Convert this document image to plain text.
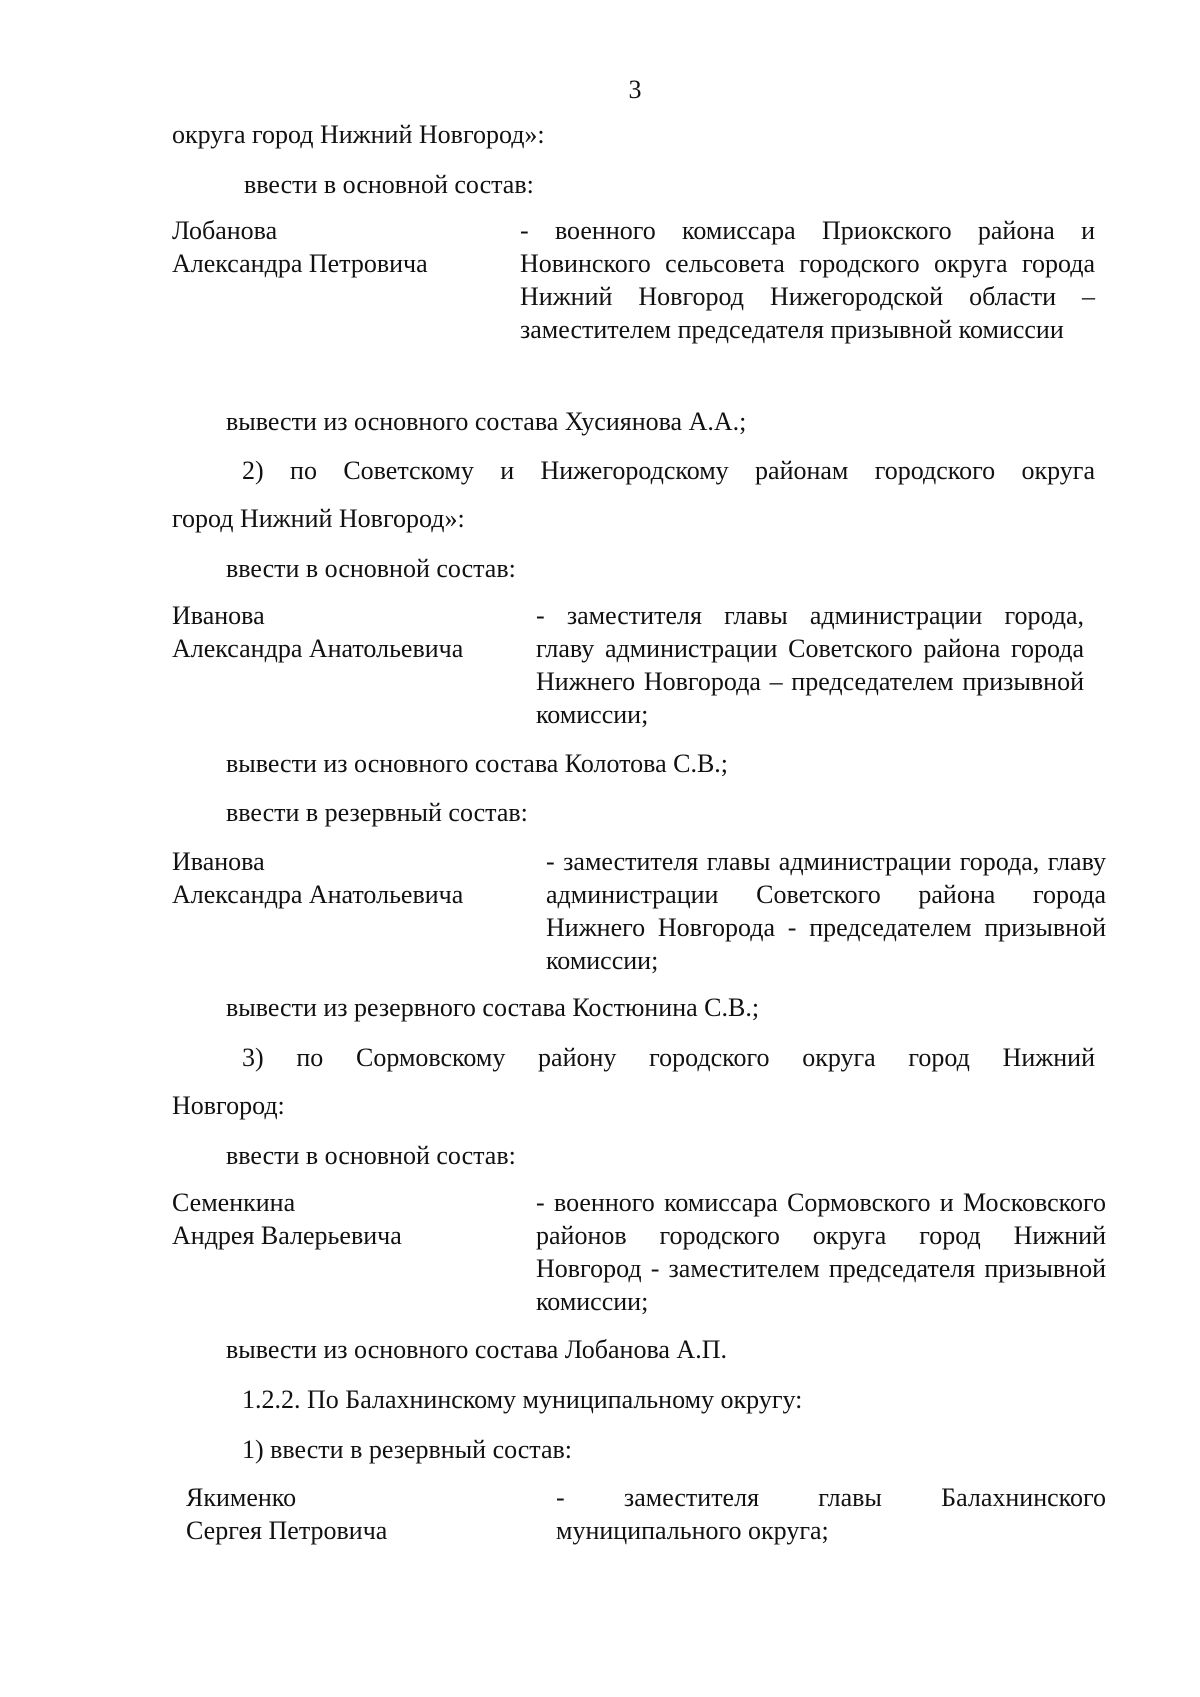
3
округа город Нижний Новгород»:
ввести в основной состав:
Лобанова
Александра Петровича
- военного комиссара Приокского района и Новинского сельсовета городского округа города Нижний Новгород Нижегородской области – заместителем председателя призывной комиссии
вывести из основного состава Хусиянова А.А.;
2) по Советскому и Нижегородскому районам городского округа
город Нижний Новгород»:
ввести в основной состав:
Иванова
Александра Анатольевича
- заместителя главы администрации города, главу администрации Советского района города Нижнего Новгорода – председателем призывной комиссии;
вывести из основного состава Колотова С.В.;
ввести в резервный состав:
Иванова
Александра Анатольевича
- заместителя главы администрации города, главу администрации Советского района города Нижнего Новгорода - председателем призывной комиссии;
вывести из резервного состава Костюнина С.В.;
3) по Сормовскому району городского округа город Нижний
Новгород:
ввести в основной состав:
Семенкина
Андрея Валерьевича
- военного комиссара Сормовского и Московского районов городского округа город Нижний Новгород - заместителем председателя призывной комиссии;
вывести из основного состава Лобанова А.П.
1.2.2. По Балахнинскому муниципальному округу:
1) ввести в резервный состав:
Якименко
Сергея Петровича
- заместителя главы Балахнинского муниципального округа;
